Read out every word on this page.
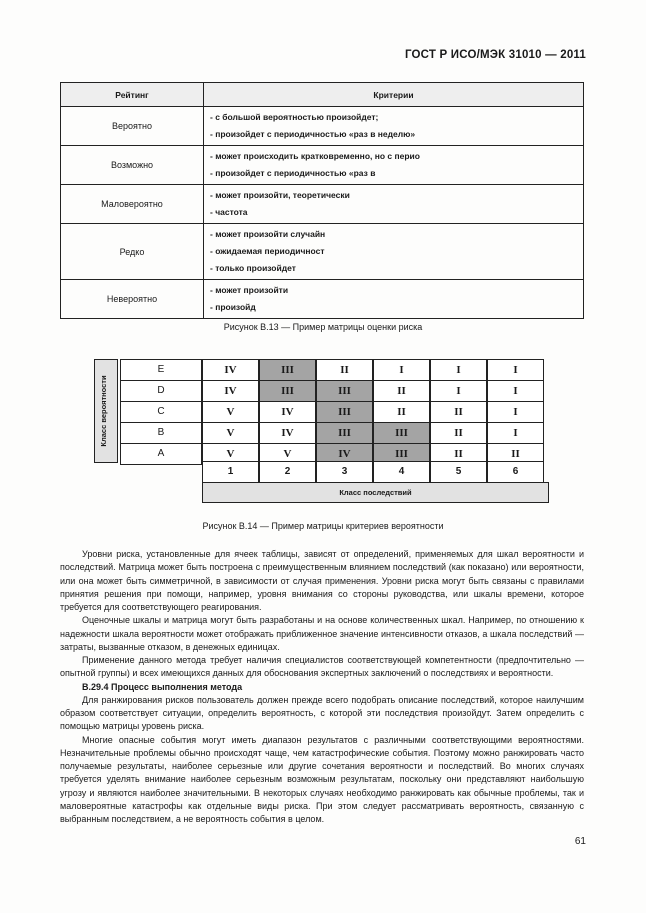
ГОСТ Р ИСО/МЭК 31010 — 2011
Рейтинг	Критерии
Вероятно	- с большой вероятностью произойдет;
- произойдет с периодичностью «раз в неделю»

Возможно	- может происходить кратковременно, но с перио
- произойдет с периодичностью «раз в

Маловероятно	- может произойти, теоретически
- частота

Редко	- может произойти случайн
- ожидаемая периодичност
- только произойдет

Невероятно	- может произойти
- произойд
Рисунок В.13 — Пример матрицы оценки риска
Класс вероятности
Класс последствий
E	IV	III	II	I	I	I
D	IV	III	III	II	I	I
C	V	IV	III	II	II	I
B	V	IV	III	III	II	I
A	V	V	IV	III	II	II
1	2	3	4	5	6
Рисунок В.14 — Пример матрицы критериев вероятности

Уровни риска, установленные для ячеек таблицы, зависят от определений, применяемых для шкал вероятности и последствий. Матрица может быть построена с преимущественным влиянием последствий (как показано) или вероятности, или она может быть симметричной, в зависимости от случая применения. Уровни риска могут быть связаны с правилами принятия решения при помощи, например, уровня внимания со стороны руководства, или шкалы времени, которое требуется для соответствующего реагирования.

Оценочные шкалы и матрица могут быть разработаны и на основе количественных шкал. Например, по отношению к надежности шкала вероятности может отображать приближенное значение интенсивности отказов, а шкала последствий — затраты, вызванные отказом, в денежных единицах.

Применение данного метода требует наличия специалистов соответствующей компетентности (предпочтительно — опытной группы) и всех имеющихся данных для обоснования экспертных заключений о последствиях и вероятности.

В.29.4 Процесс выполнения метода

Для ранжирования рисков пользователь должен прежде всего подобрать описание последствий, которое наилучшим образом соответствует ситуации, определить вероятность, с которой эти последствия произойдут. Затем определить с помощью матрицы уровень риска.

Многие опасные события могут иметь диапазон результатов с различными соответствующими вероятностями. Незначительные проблемы обычно происходят чаще, чем катастрофические события. Поэтому можно ранжировать часто получаемые результаты, наиболее серьезные или другие сочетания вероятности и последствий. Во многих случаях требуется уделять внимание наиболее серьезным возможным результатам, поскольку они представляют наибольшую угрозу и являются наиболее значительными. В некоторых случаях необходимо ранжировать как обычные проблемы, так и маловероятные катастрофы как отдельные виды риска. При этом следует рассматривать вероятность, связанную с выбранным последствием, а не вероятность события в целом.

61
